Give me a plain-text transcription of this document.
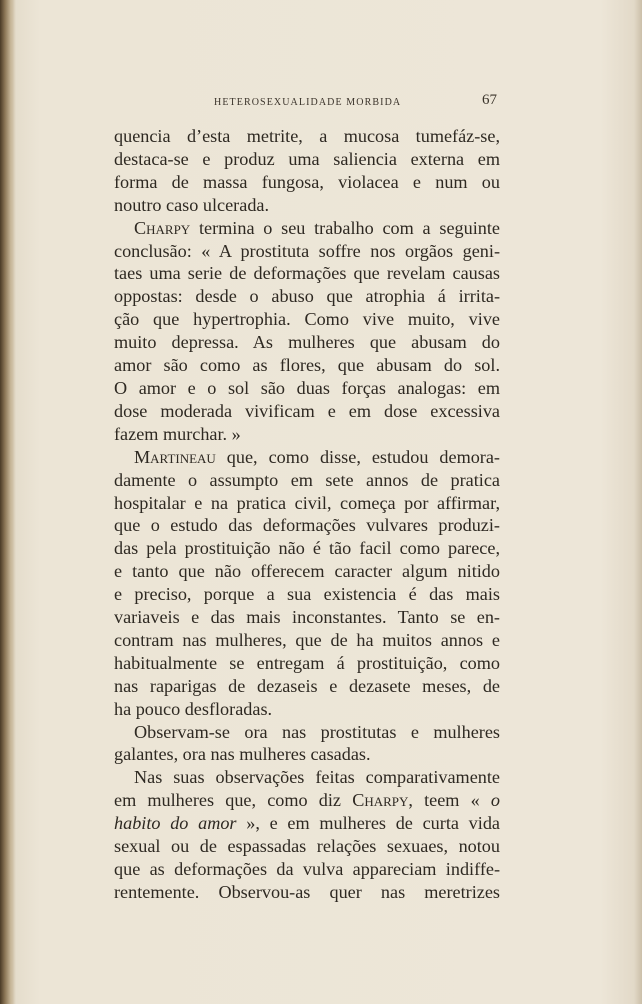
HETEROSEXUALIDADE MORBIDA	67
quencia d’esta metrite, a mucosa tumefáz-se,
destaca-se e produz uma saliencia externa em
forma de massa fungosa, violacea e num ou
noutro caso ulcerada.
Charpy termina o seu trabalho com a seguinte
conclusão: « A prostituta soffre nos orgãos geni-
taes uma serie de deformações que revelam causas
oppostas: desde o abuso que atrophia á irrita-
ção que hypertrophia. Como vive muito, vive
muito depressa. As mulheres que abusam do
amor são como as flores, que abusam do sol.
O amor e o sol são duas forças analogas: em
dose moderada vivificam e em dose excessiva
fazem murchar. »
Martineau que, como disse, estudou demora-
damente o assumpto em sete annos de pratica
hospitalar e na pratica civil, começa por affirmar,
que o estudo das deformações vulvares produzi-
das pela prostituição não é tão facil como parece,
e tanto que não offerecem caracter algum nitido
e preciso, porque a sua existencia é das mais
variaveis e das mais inconstantes. Tanto se en-
contram nas mulheres, que de ha muitos annos e
habitualmente se entregam á prostituição, como
nas raparigas de dezaseis e dezasete meses, de
ha pouco desfloradas.
Observam-se ora nas prostitutas e mulheres
galantes, ora nas mulheres casadas.
Nas suas observações feitas comparativamente
em mulheres que, como diz Charpy, teem « o
habito do amor », e em mulheres de curta vida
sexual ou de espassadas relações sexuaes, notou
que as deformações da vulva appareciam indiffe-
rentemente. Observou-as quer nas meretrizes
